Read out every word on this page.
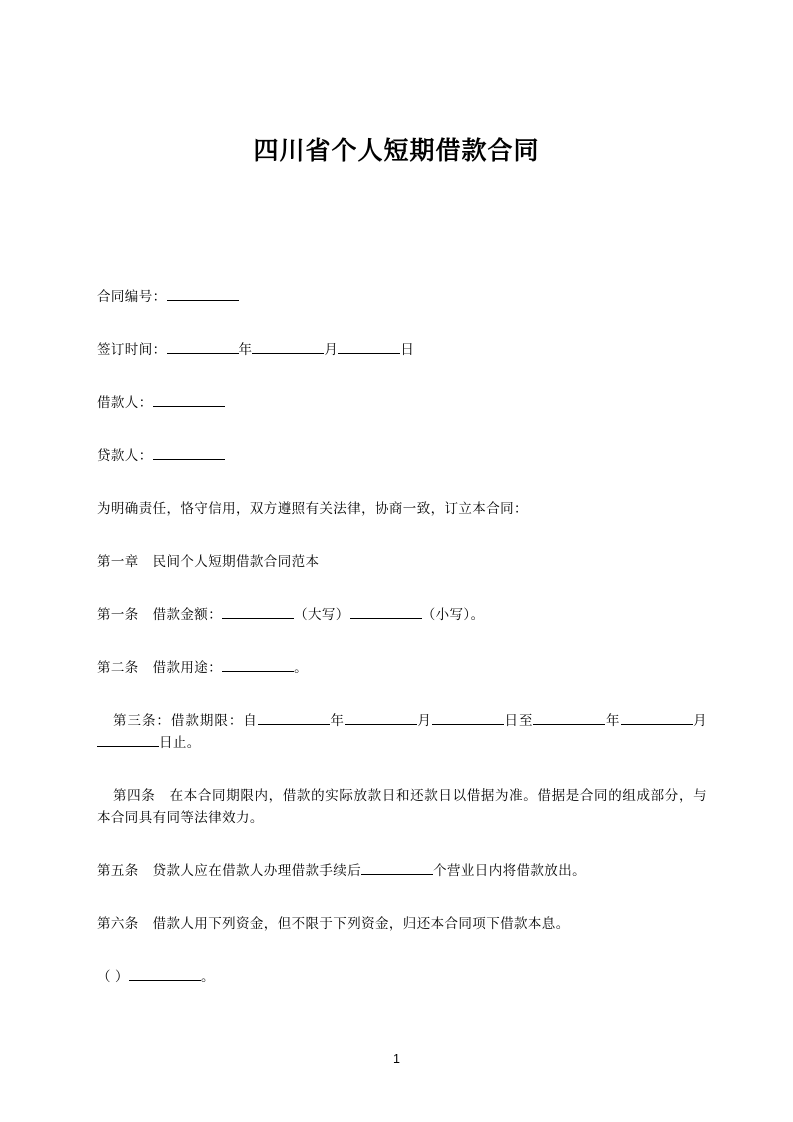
四川省个人短期借款合同

合同编号：

签订时间：	年	月	日

借款人：

贷款人：

为明确责任，恪守信用，双方遵照有关法律，协商一致，订立本合同：

第一章　民间个人短期借款合同范本

第一条　借款金额：	（大写）	（小写）。

第二条　借款用途：	。

第三条：借款期限：自	年	月	日至	年	月日止。

第四条　在本合同期限内，借款的实际放款日和还款日以借据为准。借据是合同的组成部分，与本合同具有同等法律效力。

第五条　贷款人应在借款人办理借款手续后	个营业日内将借款放出。

第六条　借款人用下列资金，但不限于下列资金，归还本合同项下借款本息。

（ ）	。

1
